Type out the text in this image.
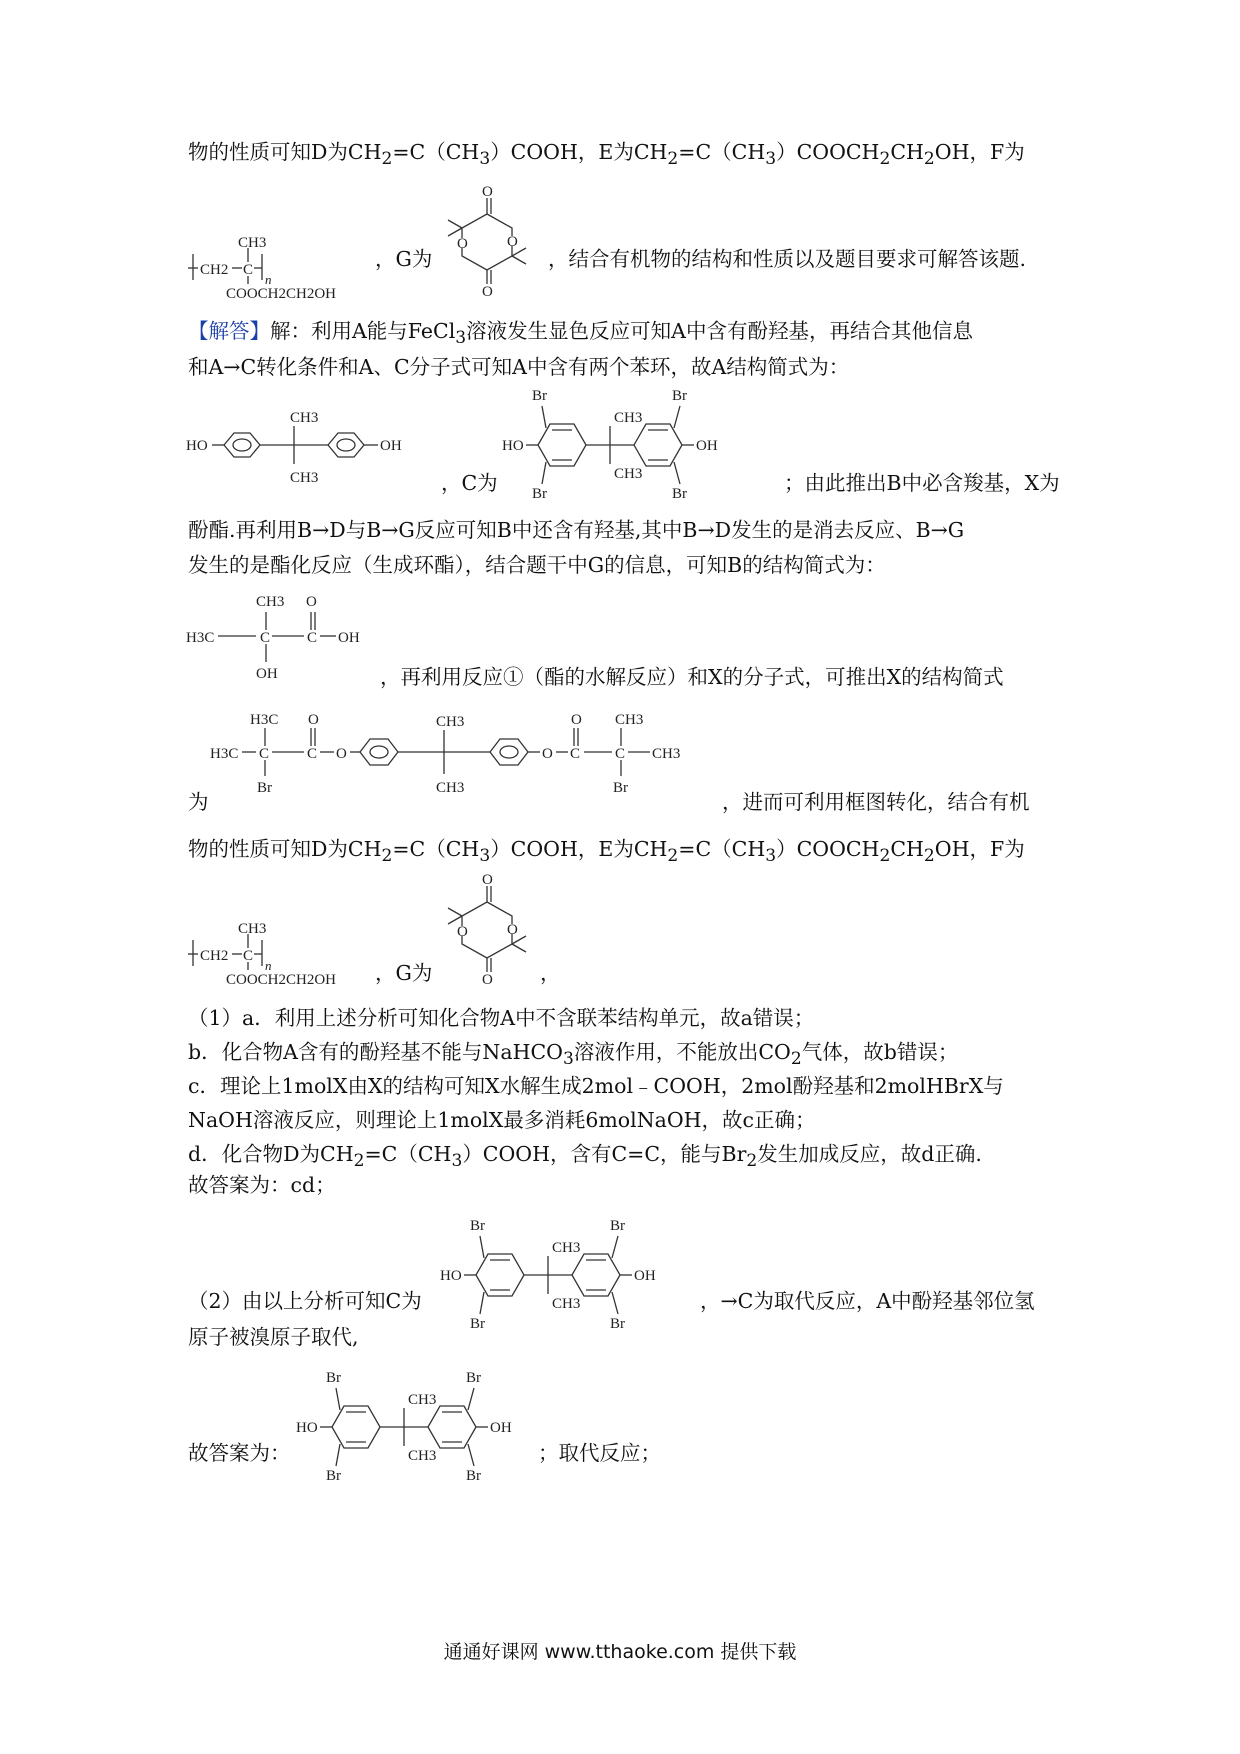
物的性质可知D为$CH_2=C(CH_3)COOH$，E为$CH_2=C(CH_3)COOCH_2CH_2OH$，F为
CH2 C
CH3
n
COOCH2CH2OH
，G为
O
O
O
O
，结合有机物的结构和性质以及题目要求可解答该题.
【解答】解：利用A能与FeCl$_3$溶液发生显色反应可知A中含有酚羟基，再结合其他信息
和A→C转化条件和A、C分子式可知A中含有两个苯环，故A结构简式为：
HO
CH3
CH3
OH
，C为
Br
Br
HO
CH3
CH3
Br
Br
OH
；由此推出B中必含羧基，X为
酚酯.再利用B→D与B→G反应可知B中还含有羟基,其中B→D发生的是消去反应、B→G
发生的是酯化反应（生成环酯），结合题干中G的信息，可知B的结构简式为：
CH3 O
H3C	C C OH
OH	，再利用反应①（酯的水解反应）和X的分子式，可推出X的结构简式
H3C O
H3C C	C O
CH3
CH3
O C
O
C
CH3
CH3
Br	Br
为	，进而可利用框图转化，结合有机
物的性质可知D为$CH_2=C(CH_3)COOH$，E为$CH_2=C(CH_3)COOCH_2CH_2OH$，F为
CH2 C
CH3
n
COOCH2CH2OH ，G为
O
O
O
O
，
（1）a．利用上述分析可知化合物A中不含联苯结构单元，故a错误；
b．化合物A含有的酚羟基不能与NaHCO$_3$溶液作用，不能放出$CO_2$气体，故b错误；
c．理论上1molX由X的结构可知X水解生成2mol﹣COOH，2mol酚羟基和2molHBrX与
NaOH溶液反应，则理论上1molX最多消耗6molNaOH，故c正确；
d．化合物D为$CH_2=C(CH_3)COOH$，含有C=C，能与$Br_2$发生加成反应，故d正确.
故答案为：cd；
Br
Br
HO
CH3
CH3
Br
Br
OH
（2）由以上分析可知C为	，→C为取代反应，A中酚羟基邻位氢
原子被溴原子取代,
Br
Br
HO
CH3
CH3
Br
Br
OH
故答案为：	；取代反应；
通通好课网 www.tthaoke.com 提供下载
